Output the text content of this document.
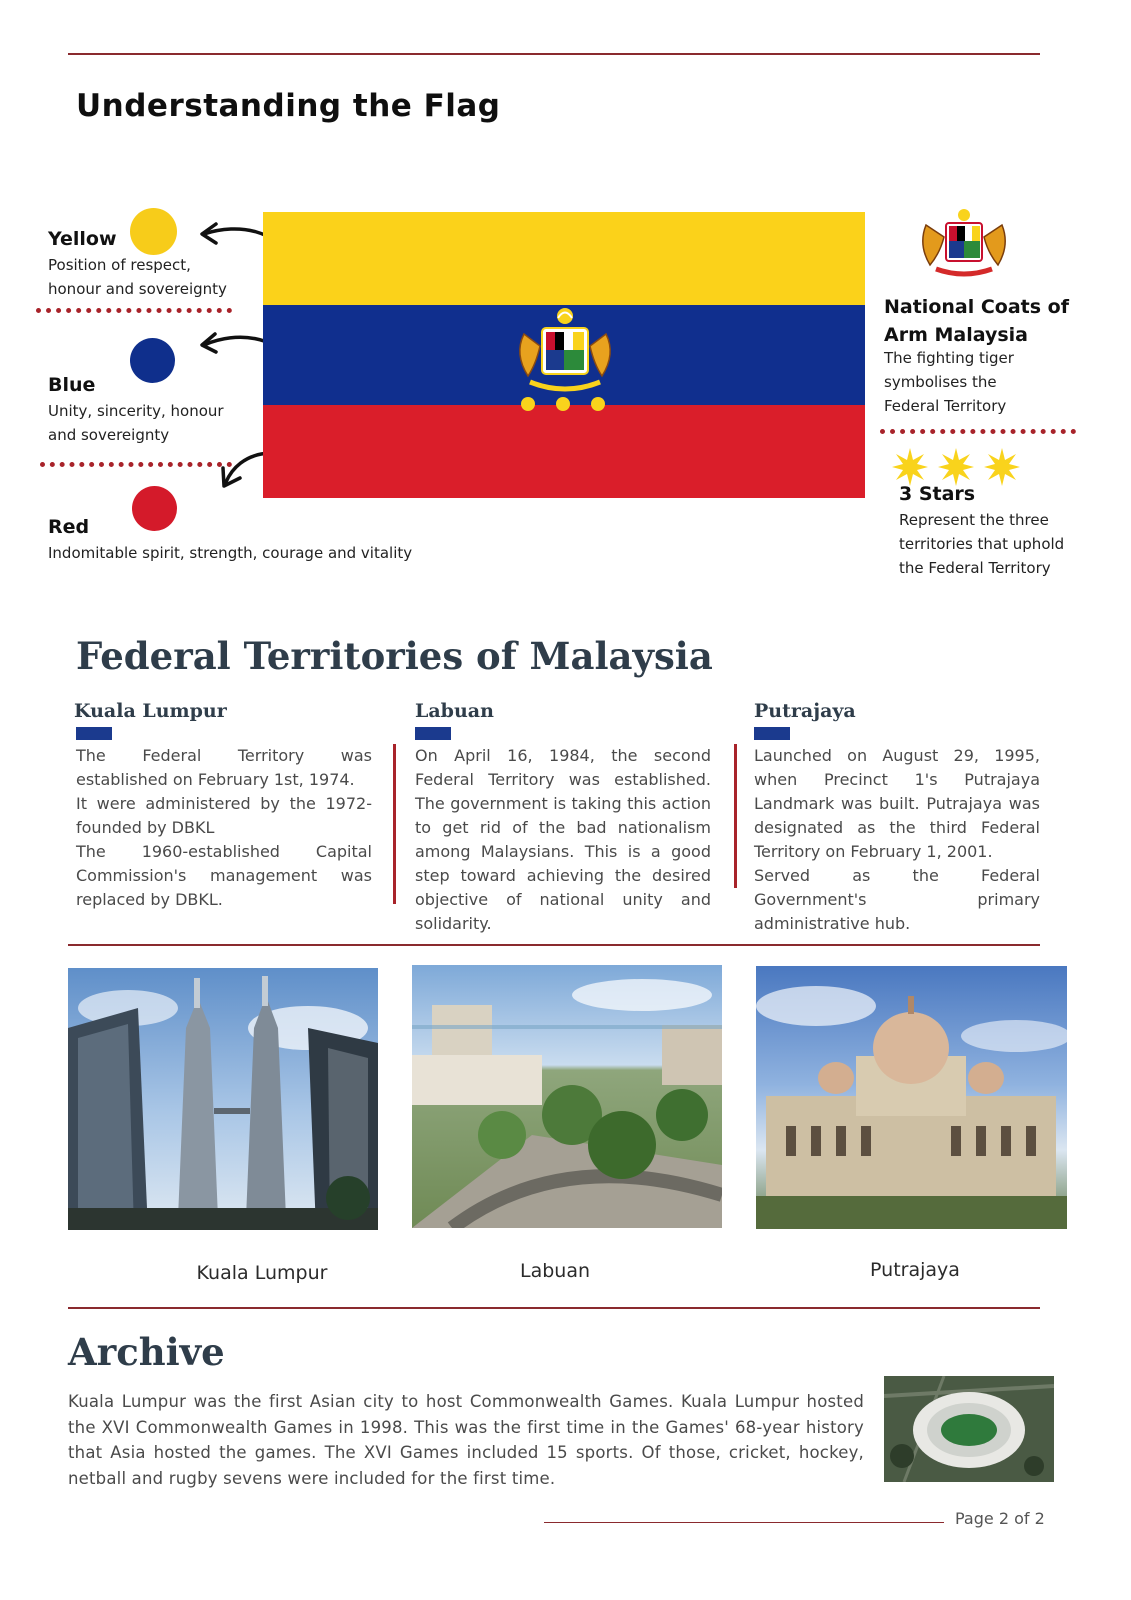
Understanding the Flag
Yellow
Position of respect, honour and sovereignty
Blue
Unity, sincerity, honour and sovereignty
Red
Indomitable spirit, strength, courage and vitality
National Coats of Arm Malaysia
The fighting tiger symbolises the Federal Territory
3 Stars
Represent the three territories that uphold the Federal Territory
Federal Territories of Malaysia
Kuala Lumpur

The Federal Territory was established on February 1st, 1974.

It were administered by the 1972-founded by DBKL

The 1960-established Capital Commission's management was replaced by DBKL.

Labuan

On April 16, 1984, the second Federal Territory was established. The government is taking this action to get rid of the bad nationalism among Malaysians. This is a good step toward achieving the desired objective of national unity and solidarity.

Putrajaya

Launched on August 29, 1995, when Precinct 1's Putrajaya Landmark was built. Putrajaya was designated as the third Federal Territory on February 1, 2001.

Served as the Federal Government's primary administrative hub.

Kuala Lumpur	Labuan	Putrajaya
Archive
Kuala Lumpur was the first Asian city to host Commonwealth Games. Kuala Lumpur hosted the XVI Commonwealth Games in 1998. This was the first time in the Games' 68-year history that Asia hosted the games. The XVI Games included 15 sports. Of those, cricket, hockey, netball and rugby sevens were included for the first time.
Page 2 of 2
